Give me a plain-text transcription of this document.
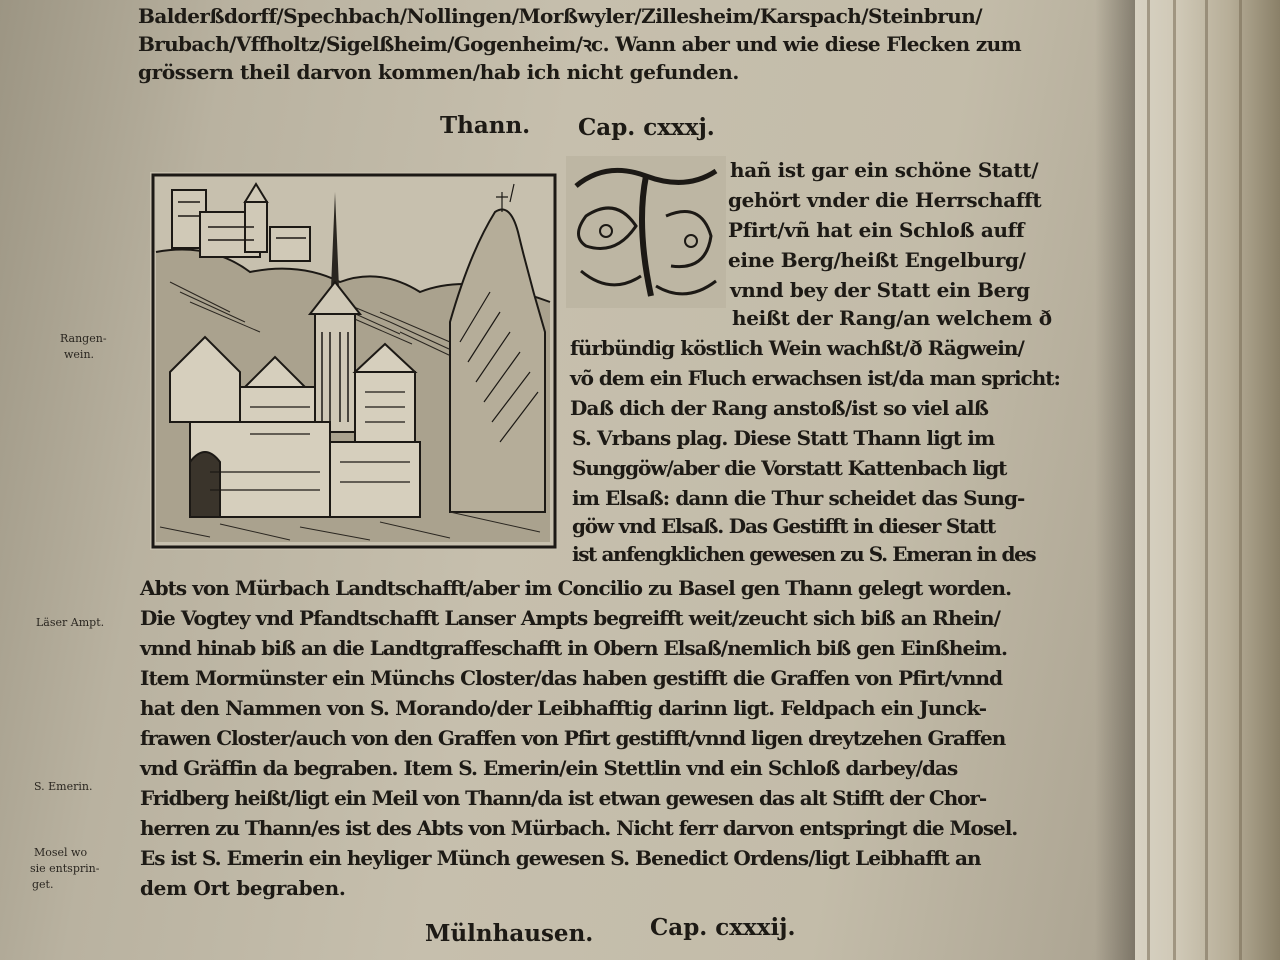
Balderßdorff/Spechbach/Nollingen/Morßwyler/Zillesheim/Karspach/Steinbrun/

Brubach/Vffholtz/Sigelßheim/Gogenheim/ꝛc. Wann aber und wie diese Flecken zum

grössern theil darvon kommen/hab ich nicht gefunden.

Thann. Cap. cxxxj.

hañ ist gar ein schöne Statt/

gehört vnder die Herrschafft

Pfirt/vñ hat ein Schloß auff

eine Berg/heißt Engelburg/

vnnd bey der Statt ein Berg

heißt der Rang/an welchem ð

fürbündig köstlich Wein wachßt/ð Rägwein/

võ dem ein Fluch erwachsen ist/da man spricht:

Daß dich der Rang anstoß/ist so viel alß

S. Vrbans plag. Diese Statt Thann ligt im

Sunggöw/aber die Vorstatt Kattenbach ligt

im Elsaß: dann die Thur scheidet das Sung-

göw vnd Elsaß. Das Gestifft in dieser Statt

ist anfengklichen gewesen zu S. Emeran in des

Abts von Mürbach Landtschafft/aber im Concilio zu Basel gen Thann gelegt worden.

Die Vogtey vnd Pfandtschafft Lanser Ampts begreifft weit/zeucht sich biß an Rhein/

vnnd hinab biß an die Landtgraffeschafft in Obern Elsaß/nemlich biß gen Einßheim.

Item Mormünster ein Münchs Closter/das haben gestifft die Graffen von Pfirt/vnnd

hat den Nammen von S. Morando/der Leibhafftig darinn ligt. Feldpach ein Junck-

frawen Closter/auch von den Graffen von Pfirt gestifft/vnnd ligen dreytzehen Graffen

vnd Gräffin da begraben. Item S. Emerin/ein Stettlin vnd ein Schloß darbey/das

Fridberg heißt/ligt ein Meil von Thann/da ist etwan gewesen das alt Stifft der Chor-

herren zu Thann/es ist des Abts von Mürbach. Nicht ferr darvon entspringt die Mosel.

Es ist S. Emerin ein heyliger Münch gewesen S. Benedict Ordens/ligt Leibhafft an

dem Ort begraben.

Rangen-

wein.

Läser Ampt.

S. Emerin.

Mosel wo

sie entsprin-

get.

Mülnhausen. Cap. cxxxij.
